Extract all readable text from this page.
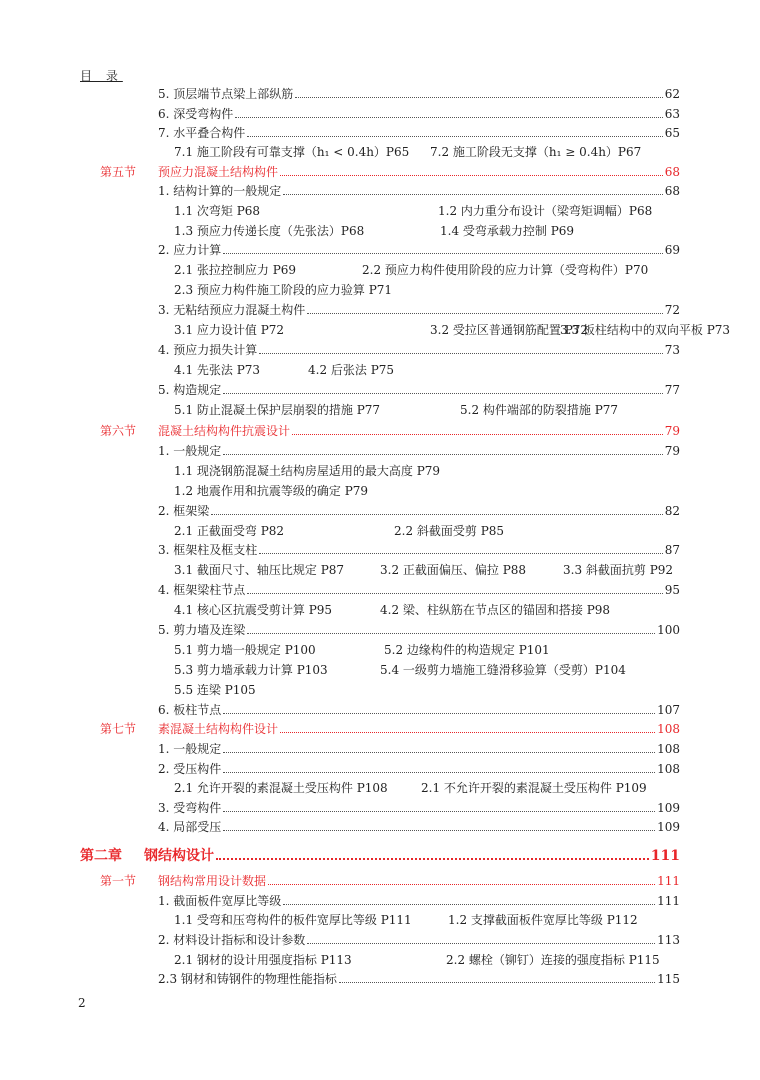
目 录
5. 顶层端节点梁上部纵筋	62
6. 深受弯构件	63
7. 水平叠合构件	65
7.1 施工阶段有可靠支撑（h₁ < 0.4h）P65 7.2 施工阶段无支撑（h₁ ≥ 0.4h）P67
第五节	预应力混凝土结构构件	68
1. 结构计算的一般规定	68
1.1 次弯矩 P68	1.2 内力重分布设计（梁弯矩调幅）P68
1.3 预应力传递长度（先张法）P68	1.4 受弯承载力控制 P69
2. 应力计算	69
2.1 张拉控制应力 P69	2.2 预应力构件使用阶段的应力计算（受弯构件）P70
2.3 预应力构件施工阶段的应力验算 P71
3. 无粘结预应力混凝土构件	72
3.1 应力设计值 P72	3.2 受拉区普通钢筋配置 P72
3.3 板柱结构中的双向平板 P73
4. 预应力损失计算	73
4.1 先张法 P73	4.2 后张法 P75
5. 构造规定	77
5.1 防止混凝土保护层崩裂的措施 P77	5.2 构件端部的防裂措施 P77
第六节	混凝土结构构件抗震设计	79
1. 一般规定	79
1.1 现浇钢筋混凝土结构房屋适用的最大高度 P79
1.2 地震作用和抗震等级的确定 P79
2. 框架梁	82
2.1 正截面受弯 P82	2.2 斜截面受剪 P85
3. 框架柱及框支柱	87
3.1 截面尺寸、轴压比规定 P87	3.2 正截面偏压、偏拉 P88	3.3 斜截面抗剪 P92
4. 框架梁柱节点	95
4.1 核心区抗震受剪计算 P95	4.2 梁、柱纵筋在节点区的锚固和搭接 P98
5. 剪力墙及连梁	100
5.1 剪力墙一般规定 P100	5.2 边缘构件的构造规定 P101
5.3 剪力墙承载力计算 P103	5.4 一级剪力墙施工缝滑移验算（受剪）P104
5.5 连梁 P105
6. 板柱节点	107
第七节	素混凝土结构构件设计	108
1. 一般规定	108
2. 受压构件	108
2.1 允许开裂的素混凝土受压构件 P108	2.1 不允许开裂的素混凝土受压构件 P109
3. 受弯构件	109
4. 局部受压	109
第二章	钢结构设计	111
第一节	钢结构常用设计数据	111
1. 截面板件宽厚比等级	111
1.1 受弯和压弯构件的板件宽厚比等级 P111	1.2 支撑截面板件宽厚比等级 P112
2. 材料设计指标和设计参数	113
2.1 钢材的设计用强度指标 P113	2.2 螺栓（铆钉）连接的强度指标 P115
2.3 钢材和铸钢件的物理性能指标	115
2
